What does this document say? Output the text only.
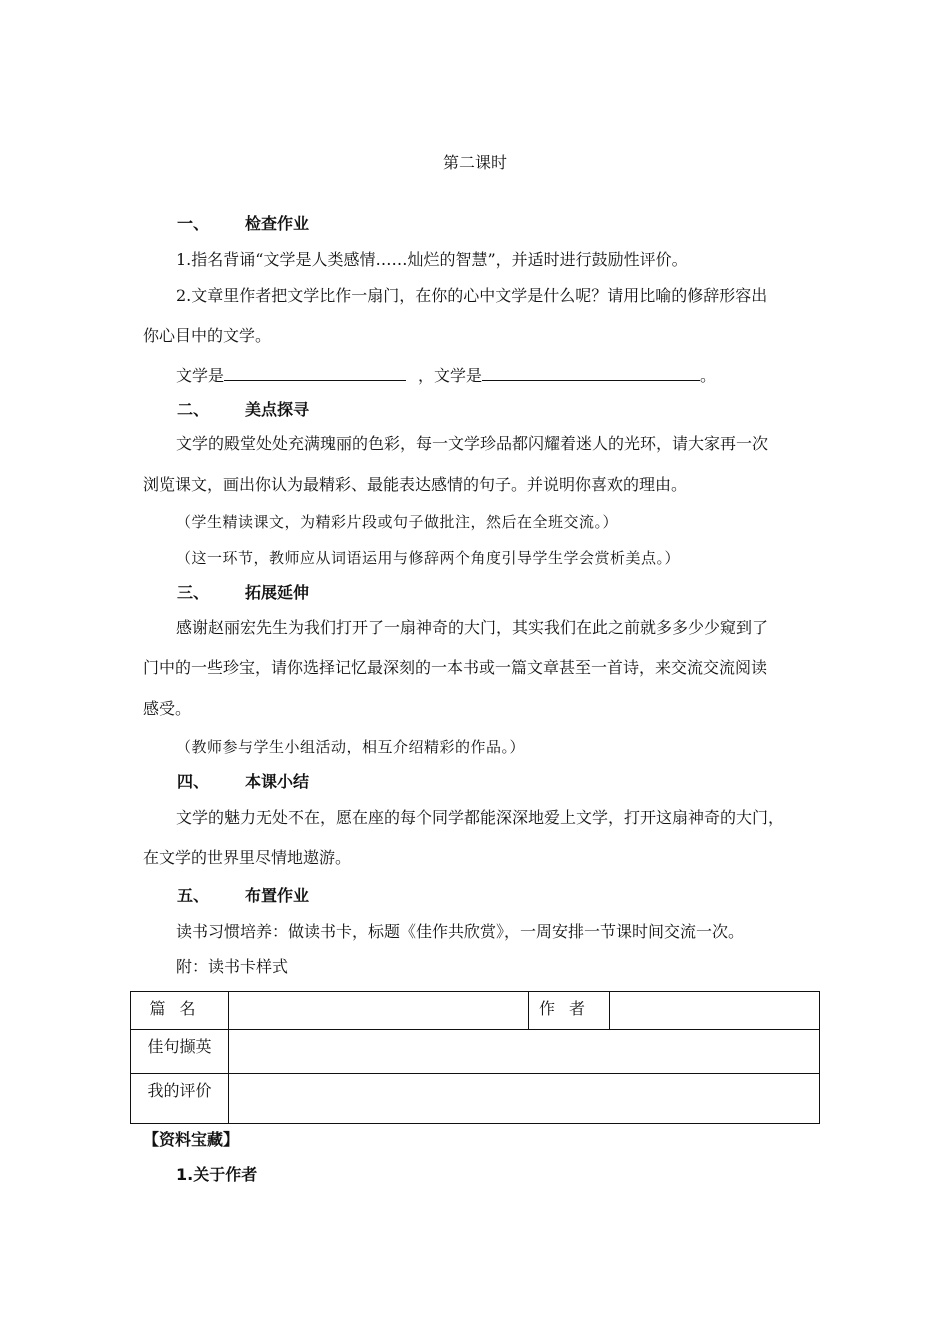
第二课时
一、 检查作业
1.指名背诵“文学是人类感情……灿烂的智慧”，并适时进行鼓励性评价。
2.文章里作者把文学比作一扇门，在你的心中文学是什么呢？请用比喻的修辞形容出
你心目中的文学。
文学是	，文学是	。
二、 美点探寻
文学的殿堂处处充满瑰丽的色彩，每一文学珍品都闪耀着迷人的光环，请大家再一次
浏览课文，画出你认为最精彩、最能表达感情的句子。并说明你喜欢的理由。
（学生精读课文，为精彩片段或句子做批注，然后在全班交流。）
（这一环节，教师应从词语运用与修辞两个角度引导学生学会赏析美点。）
三、 拓展延伸
感谢赵丽宏先生为我们打开了一扇神奇的大门，其实我们在此之前就多多少少窥到了
门中的一些珍宝，请你选择记忆最深刻的一本书或一篇文章甚至一首诗，来交流交流阅读
感受。
（教师参与学生小组活动，相互介绍精彩的作品。）
四、 本课小结
文学的魅力无处不在，愿在座的每个同学都能深深地爱上文学，打开这扇神奇的大门，
在文学的世界里尽情地遨游。
五、 布置作业
读书习惯培养：做读书卡，标题《佳作共欣赏》，一周安排一节课时间交流一次。
附：读书卡样式
篇名		作者	
佳句撷英			
我的评价			
【资料宝藏】
1.关于作者
